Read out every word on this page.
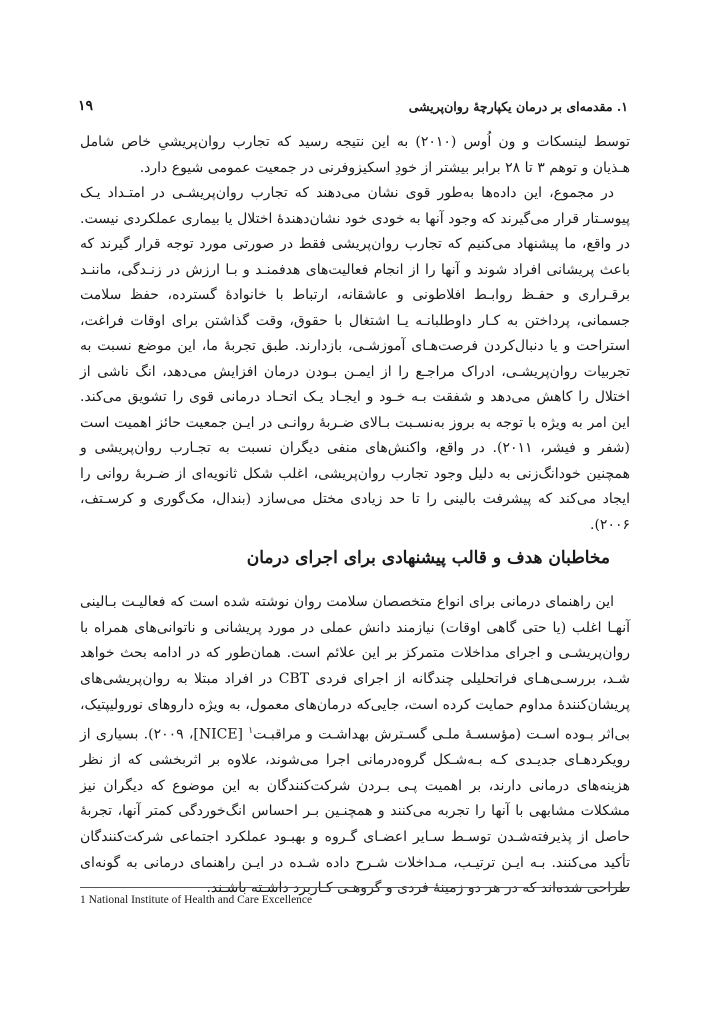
۱. مقدمه‌ای بر درمان یکپارچۀ روان‌پریشی
۱۹

توسط لینسکات و ون اُوس (۲۰۱۰) به این نتیجه رسید که تجارب روان‌پریشیِ خاص شامل هـذیان و توهم ۳ تا ۲۸ برابر بیشتر از خودِ اسکیزوفرنی در جمعیت عمومی شیوع دارد.

در مجموع، این داده‌ها به‌طور قوی نشان می‌دهند که تجارب روان‌پریشـی در امتـداد یـک پیوسـتار قرار می‌گیرند که وجود آنها به خودی خود نشان‌دهندۀ اختلال یا بیماری عملکردی نیست. در واقع، ما پیشنهاد می‌کنیم که تجارب روان‌پریشی فقط در صورتی مورد توجه قرار گیرند که باعث پریشانی افراد شوند و آنها را از انجام فعالیت‌های هدفمنـد و بـا ارزش در زنـدگی، ماننـد برقـراری و حفـظ روابـط افلاطونی و عاشقانه، ارتباط با خانوادۀ گسترده، حفظ سلامت جسمانی، پرداختن به کـار داوطلبانـه یـا اشتغال با حقوق، وقت گذاشتن برای اوقات فراغت، استراحت و یا دنبال‌کردن فرصت‌هـای آموزشـی، بازدارند. طبق تجربۀ ما، این موضع نسبت به تجربیات روان‌پریشـی، ادراک مراجـع را از ایمـن بـودن درمان افزایش می‌دهد، انگ ناشی از اختلال را کاهش می‌دهد و شفقت بـه خـود و ایجـاد یـک اتحـاد درمانی قوی را تشویق می‌کند. این امر به ویژه با توجه به بروز به‌نسـبت بـالای ضـربۀ روانـی در ایـن جمعیت حائز اهمیت است (شفر و فیشر، ۲۰۱۱). در واقع، واکنش‌های منفی دیگران نسبت به تجـارب روان‌پریشی و همچنین خودانگ‌زنی به دلیل وجود تجارب روان‌پریشی، اغلب شکل ثانویه‌ای از ضـربۀ روانی را ایجاد می‌کند که پیشرفت بالینی را تا حد زیادی مختل می‌سازد (بندال، مک‌گوری و کرسـتف، ۲۰۰۶).

مخاطبان هدف و قالب پیشنهادی برای اجرای درمان

این راهنمای درمانی برای انواع متخصصان سلامت روان نوشته شده است که فعالیـت بـالینی آنهـا اغلب (یا حتی گاهی اوقات) نیازمند دانش عملی در مورد پریشانی و ناتوانی‌های همراه با روان‌پریشـی و اجرای مداخلات متمرکز بر این علائم است. همان‌طور که در ادامه بحث خواهد شـد، بررسـی‌هـای فراتحلیلی چندگانه از اجرای فردی CBT در افراد مبتلا به روان‌پریشی‌های پریشان‌کنندۀ مداوم حمایت کرده است، جایی‌که درمان‌های معمول، به ویژه داروهای نوروليپتيک، بی‌اثر بـوده اسـت (مؤسسـۀ ملـی گسـترش بهداشـت و مراقبـت$^۱$ [NICE]، ۲۰۰۹). بسیاری از رویکردهـای جدیـدی کـه بـه‌شـکل گروه‌درمانی اجرا می‌شوند، علاوه بر اثربخشی که از نظر هزینه‌های درمانی دارند، بر اهمیت پـی بـردن شرکت‌کنندگان به این موضوع که دیگران نیز مشکلات مشابهی با آنها را تجربه می‌کنند و همچنـین بـر احساس انگ‌خوردگی کمتر آنها، تجربۀ حاصل از پذیرفته‌شـدن توسـط سـایر اعضـای گـروه و بهبـود عملکرد اجتماعی شرکت‌کنندگان تأکید می‌کنند. بـه ایـن ترتیـب، مـداخلات شـرح داده شـده در ایـن راهنمای درمانی به گونه‌ای طراحی شده‌اند که در هر دو زمینۀ فردی و گروهـی کـاربرد داشـته باشـند.

1 National Institute of Health and Care Excellence
